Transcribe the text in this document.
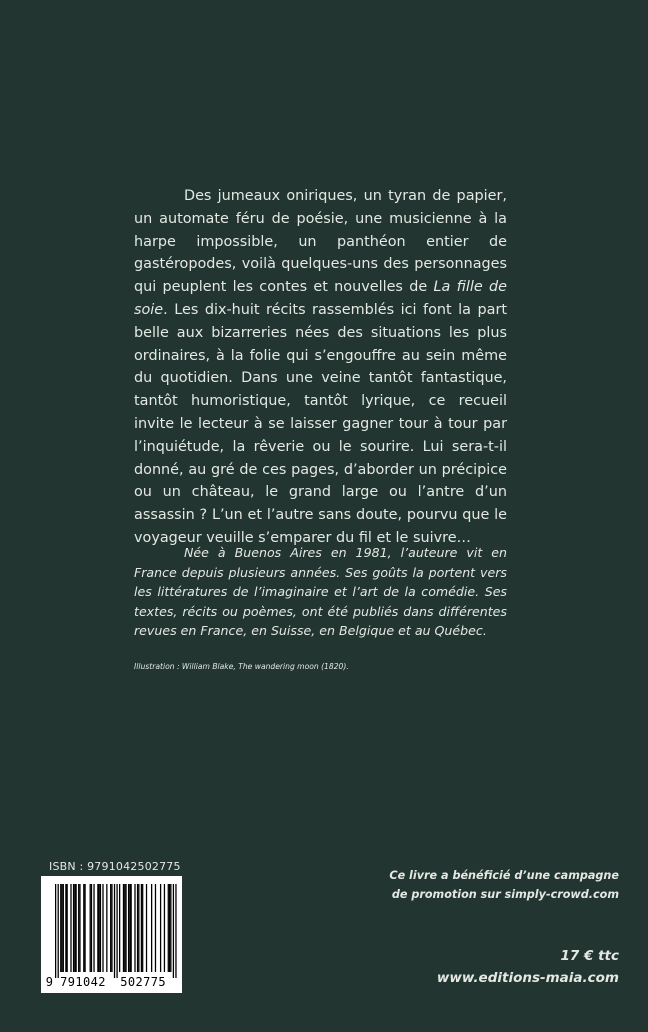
Des jumeaux oniriques, un tyran de papier, un automate féru de poésie, une musicienne à la harpe impossible, un panthéon entier de gastéropodes, voilà quelques-uns des personnages qui peuplent les contes et nouvelles de La fille de soie. Les dix-huit récits rassemblés ici font la part belle aux bizarreries nées des situations les plus ordinaires, à la folie qui s’engouffre au sein même du quotidien. Dans une veine tantôt fantastique, tantôt humoristique, tantôt lyrique, ce recueil invite le lecteur à se laisser gagner tour à tour par l’inquiétude, la rêverie ou le sourire. Lui sera-t-il donné, au gré de ces pages, d’aborder un précipice ou un château, le grand large ou l’antre d’un assassin ? L’un et l’autre sans doute, pourvu que le voyageur veuille s’emparer du fil et le suivre…

Née à Buenos Aires en 1981, l’auteure vit en France depuis plusieurs années. Ses goûts la portent vers les littératures de l’imaginaire et l’art de la comédie. Ses textes, récits ou poèmes, ont été publiés dans différentes revues en France, en Suisse, en Belgique et au Québec.

Illustration : William Blake, The wandering moon (1820).

ISBN : 9791042502775

9 791042 502775
Ce livre a bénéficié d’une campagne
de promotion sur simply-crowd.com
17 € ttc
www.editions-maia.com
